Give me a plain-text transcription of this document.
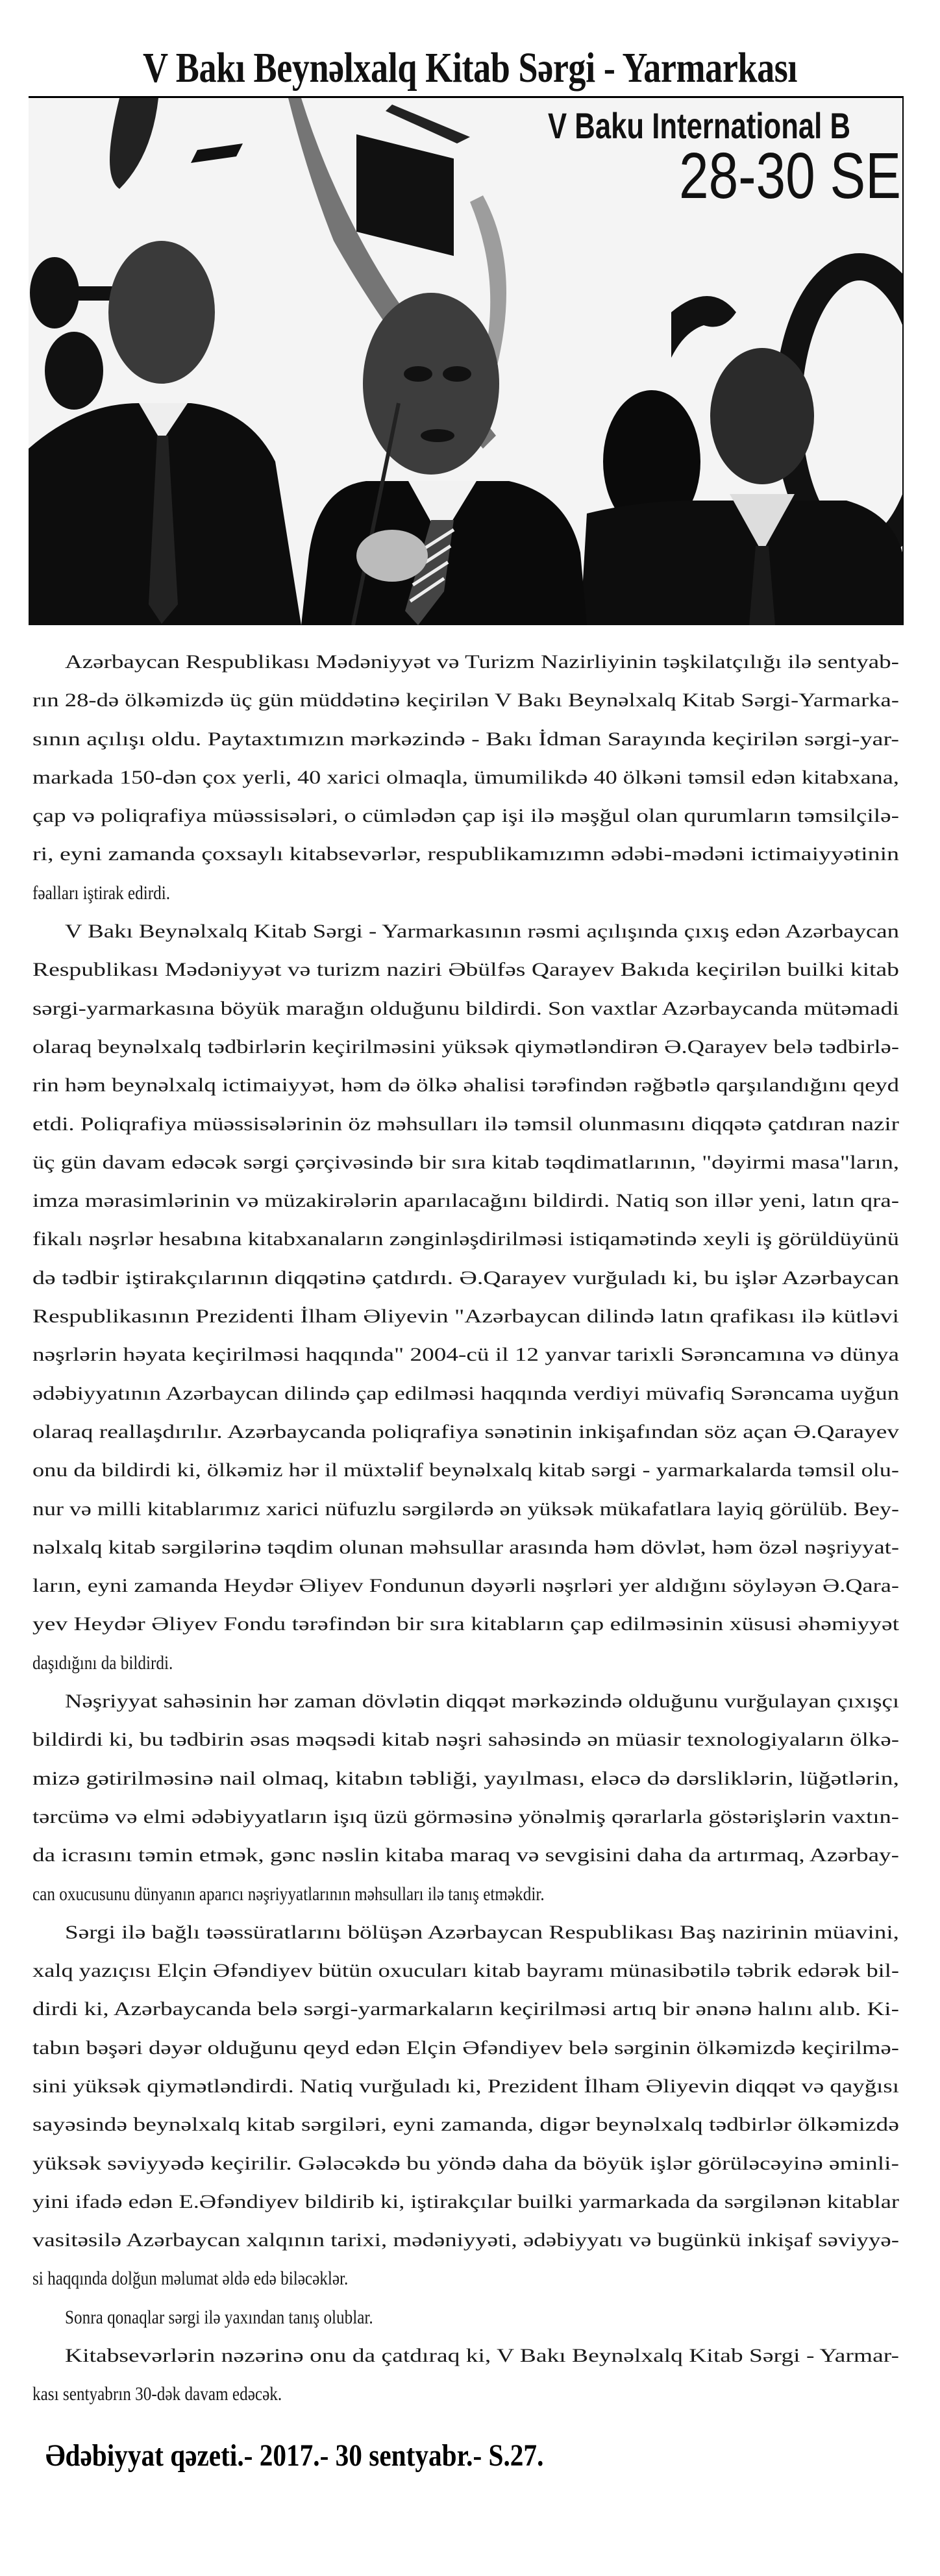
V Bakı Beynəlxalq Kitab Sərgi - Yarmarkası
V Baku International B
28-30 SE
Azərbaycan Respublikası Mədəniyyət və Turizm Nazirliyinin təşkilatçılığı ilə sentyab-
rın 28-də ölkəmizdə üç gün müddətinə keçirilən V Bakı Beynəlxalq Kitab Sərgi-Yarmarka-
sının açılışı oldu. Paytaxtımızın mərkəzində - Bakı İdman Sarayında keçirilən sərgi-yar-
markada 150-dən çox yerli, 40 xarici olmaqla, ümumilikdə 40 ölkəni təmsil edən kitabxana,
çap və poliqrafiya müəssisələri, o cümlədən çap işi ilə məşğul olan qurumların təmsilçilə-
ri, eyni zamanda çoxsaylı kitabsevərlər, respublikamızımn ədəbi-mədəni ictimaiyyətinin
fəalları iştirak edirdi.
V Bakı Beynəlxalq Kitab Sərgi - Yarmarkasının rəsmi açılışında çıxış edən Azərbaycan
Respublikası Mədəniyyət və turizm naziri Əbülfəs Qarayev Bakıda keçirilən builki kitab
sərgi-yarmarkasına böyük marağın olduğunu bildirdi. Son vaxtlar Azərbaycanda mütəmadi
olaraq beynəlxalq tədbirlərin keçirilməsini yüksək qiymətləndirən Ə.Qarayev belə tədbirlə-
rin həm beynəlxalq ictimaiyyət, həm də ölkə əhalisi tərəfindən rəğbətlə qarşılandığını qeyd
etdi. Poliqrafiya müəssisələrinin öz məhsulları ilə təmsil olunmasını diqqətə çatdıran nazir
üç gün davam edəcək sərgi çərçivəsində bir sıra kitab təqdimatlarının, "dəyirmi masa"ların,
imza mərasimlərinin və müzakirələrin aparılacağını bildirdi. Natiq son illər yeni, latın qra-
fikalı nəşrlər hesabına kitabxanaların zənginləşdirilməsi istiqamətində xeyli iş görüldüyünü
də tədbir iştirakçılarının diqqətinə çatdırdı. Ə.Qarayev vurğuladı ki, bu işlər Azərbaycan
Respublikasının Prezidenti İlham Əliyevin "Azərbaycan dilində latın qrafikası ilə kütləvi
nəşrlərin həyata keçirilməsi haqqında" 2004-cü il 12 yanvar tarixli Sərəncamına və dünya
ədəbiyyatının Azərbaycan dilində çap edilməsi haqqında verdiyi müvafiq Sərəncama uyğun
olaraq reallaşdırılır. Azərbaycanda poliqrafiya sənətinin inkişafından söz açan Ə.Qarayev
onu da bildirdi ki, ölkəmiz hər il müxtəlif beynəlxalq kitab sərgi - yarmarkalarda təmsil olu-
nur və milli kitablarımız xarici nüfuzlu sərgilərdə ən yüksək mükafatlara layiq görülüb. Bey-
nəlxalq kitab sərgilərinə təqdim olunan məhsullar arasında həm dövlət, həm özəl nəşriyyat-
ların, eyni zamanda Heydər Əliyev Fondunun dəyərli nəşrləri yer aldığını söyləyən Ə.Qara-
yev Heydər Əliyev Fondu tərəfindən bir sıra kitabların çap edilməsinin xüsusi əhəmiyyət
daşıdığını da bildirdi.
Nəşriyyat sahəsinin hər zaman dövlətin diqqət mərkəzində olduğunu vurğulayan çıxışçı
bildirdi ki, bu tədbirin əsas məqsədi kitab nəşri sahəsində ən müasir texnologiyaların ölkə-
mizə gətirilməsinə nail olmaq, kitabın təbliği, yayılması, eləcə də dərsliklərin, lüğətlərin,
tərcümə və elmi ədəbiyyatların işıq üzü görməsinə yönəlmiş qərarlarla göstərişlərin vaxtın-
da icrasını təmin etmək, gənc nəslin kitaba maraq və sevgisini daha da artırmaq, Azərbay-
can oxucusunu dünyanın aparıcı nəşriyyatlarının məhsulları ilə tanış etməkdir.
Sərgi ilə bağlı təəssüratlarını bölüşən Azərbaycan Respublikası Baş nazirinin müavini,
xalq yazıçısı Elçin Əfəndiyev bütün oxucuları kitab bayramı münasibətilə təbrik edərək bil-
dirdi ki, Azərbaycanda belə sərgi-yarmarkaların keçirilməsi artıq bir ənənə halını alıb. Ki-
tabın bəşəri dəyər olduğunu qeyd edən Elçin Əfəndiyev belə sərginin ölkəmizdə keçirilmə-
sini yüksək qiymətləndirdi. Natiq vurğuladı ki, Prezident İlham Əliyevin diqqət və qayğısı
sayəsində beynəlxalq kitab sərgiləri, eyni zamanda, digər beynəlxalq tədbirlər ölkəmizdə
yüksək səviyyədə keçirilir. Gələcəkdə bu yöndə daha da böyük işlər görüləcəyinə əminli-
yini ifadə edən E.Əfəndiyev bildirib ki, iştirakçılar builki yarmarkada da sərgilənən kitablar
vasitəsilə Azərbaycan xalqının tarixi, mədəniyyəti, ədəbiyyatı və bugünkü inkişaf səviyyə-
si haqqında dolğun məlumat əldə edə biləcəklər.
Sonra qonaqlar sərgi ilə yaxından tanış olublar.
Kitabsevərlərin nəzərinə onu da çatdıraq ki, V Bakı Beynəlxalq Kitab Sərgi - Yarmar-
kası sentyabrın 30-dək davam edəcək.
Ədəbiyyat qəzeti.- 2017.- 30 sentyabr.- S.27.
